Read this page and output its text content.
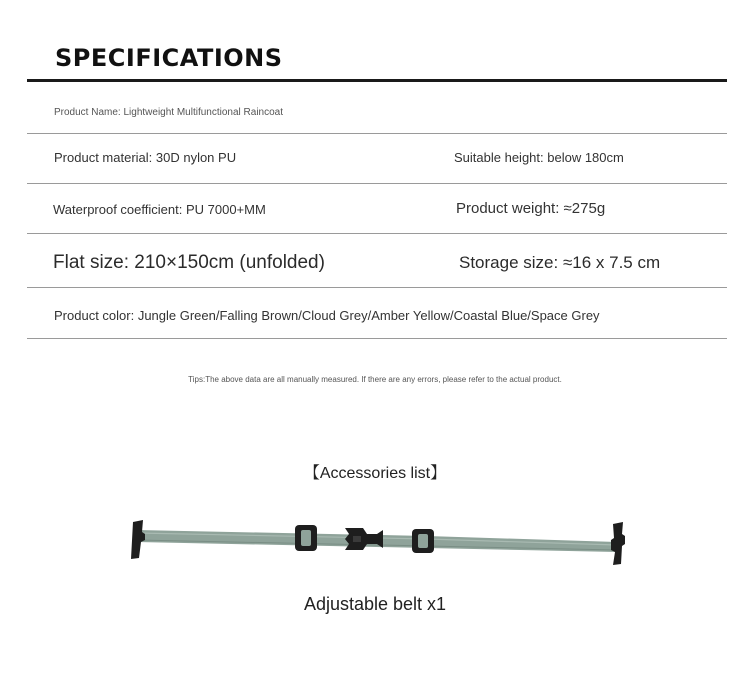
SPECIFICATIONS
Product Name: Lightweight Multifunctional Raincoat
Product material: 30D nylon PU	Suitable height: below 180cm
Waterproof coefficient: PU 7000+MM	Product weight: ≈275g
Flat size: 210×150cm (unfolded)	Storage size: ≈16 x 7.5 cm
Product color: Jungle Green/Falling Brown/Cloud Grey/Amber Yellow/Coastal Blue/Space Grey
Tips:The above data are all manually measured. If there are any errors, please refer to the actual product.
【Accessories list】
Adjustable belt x1
